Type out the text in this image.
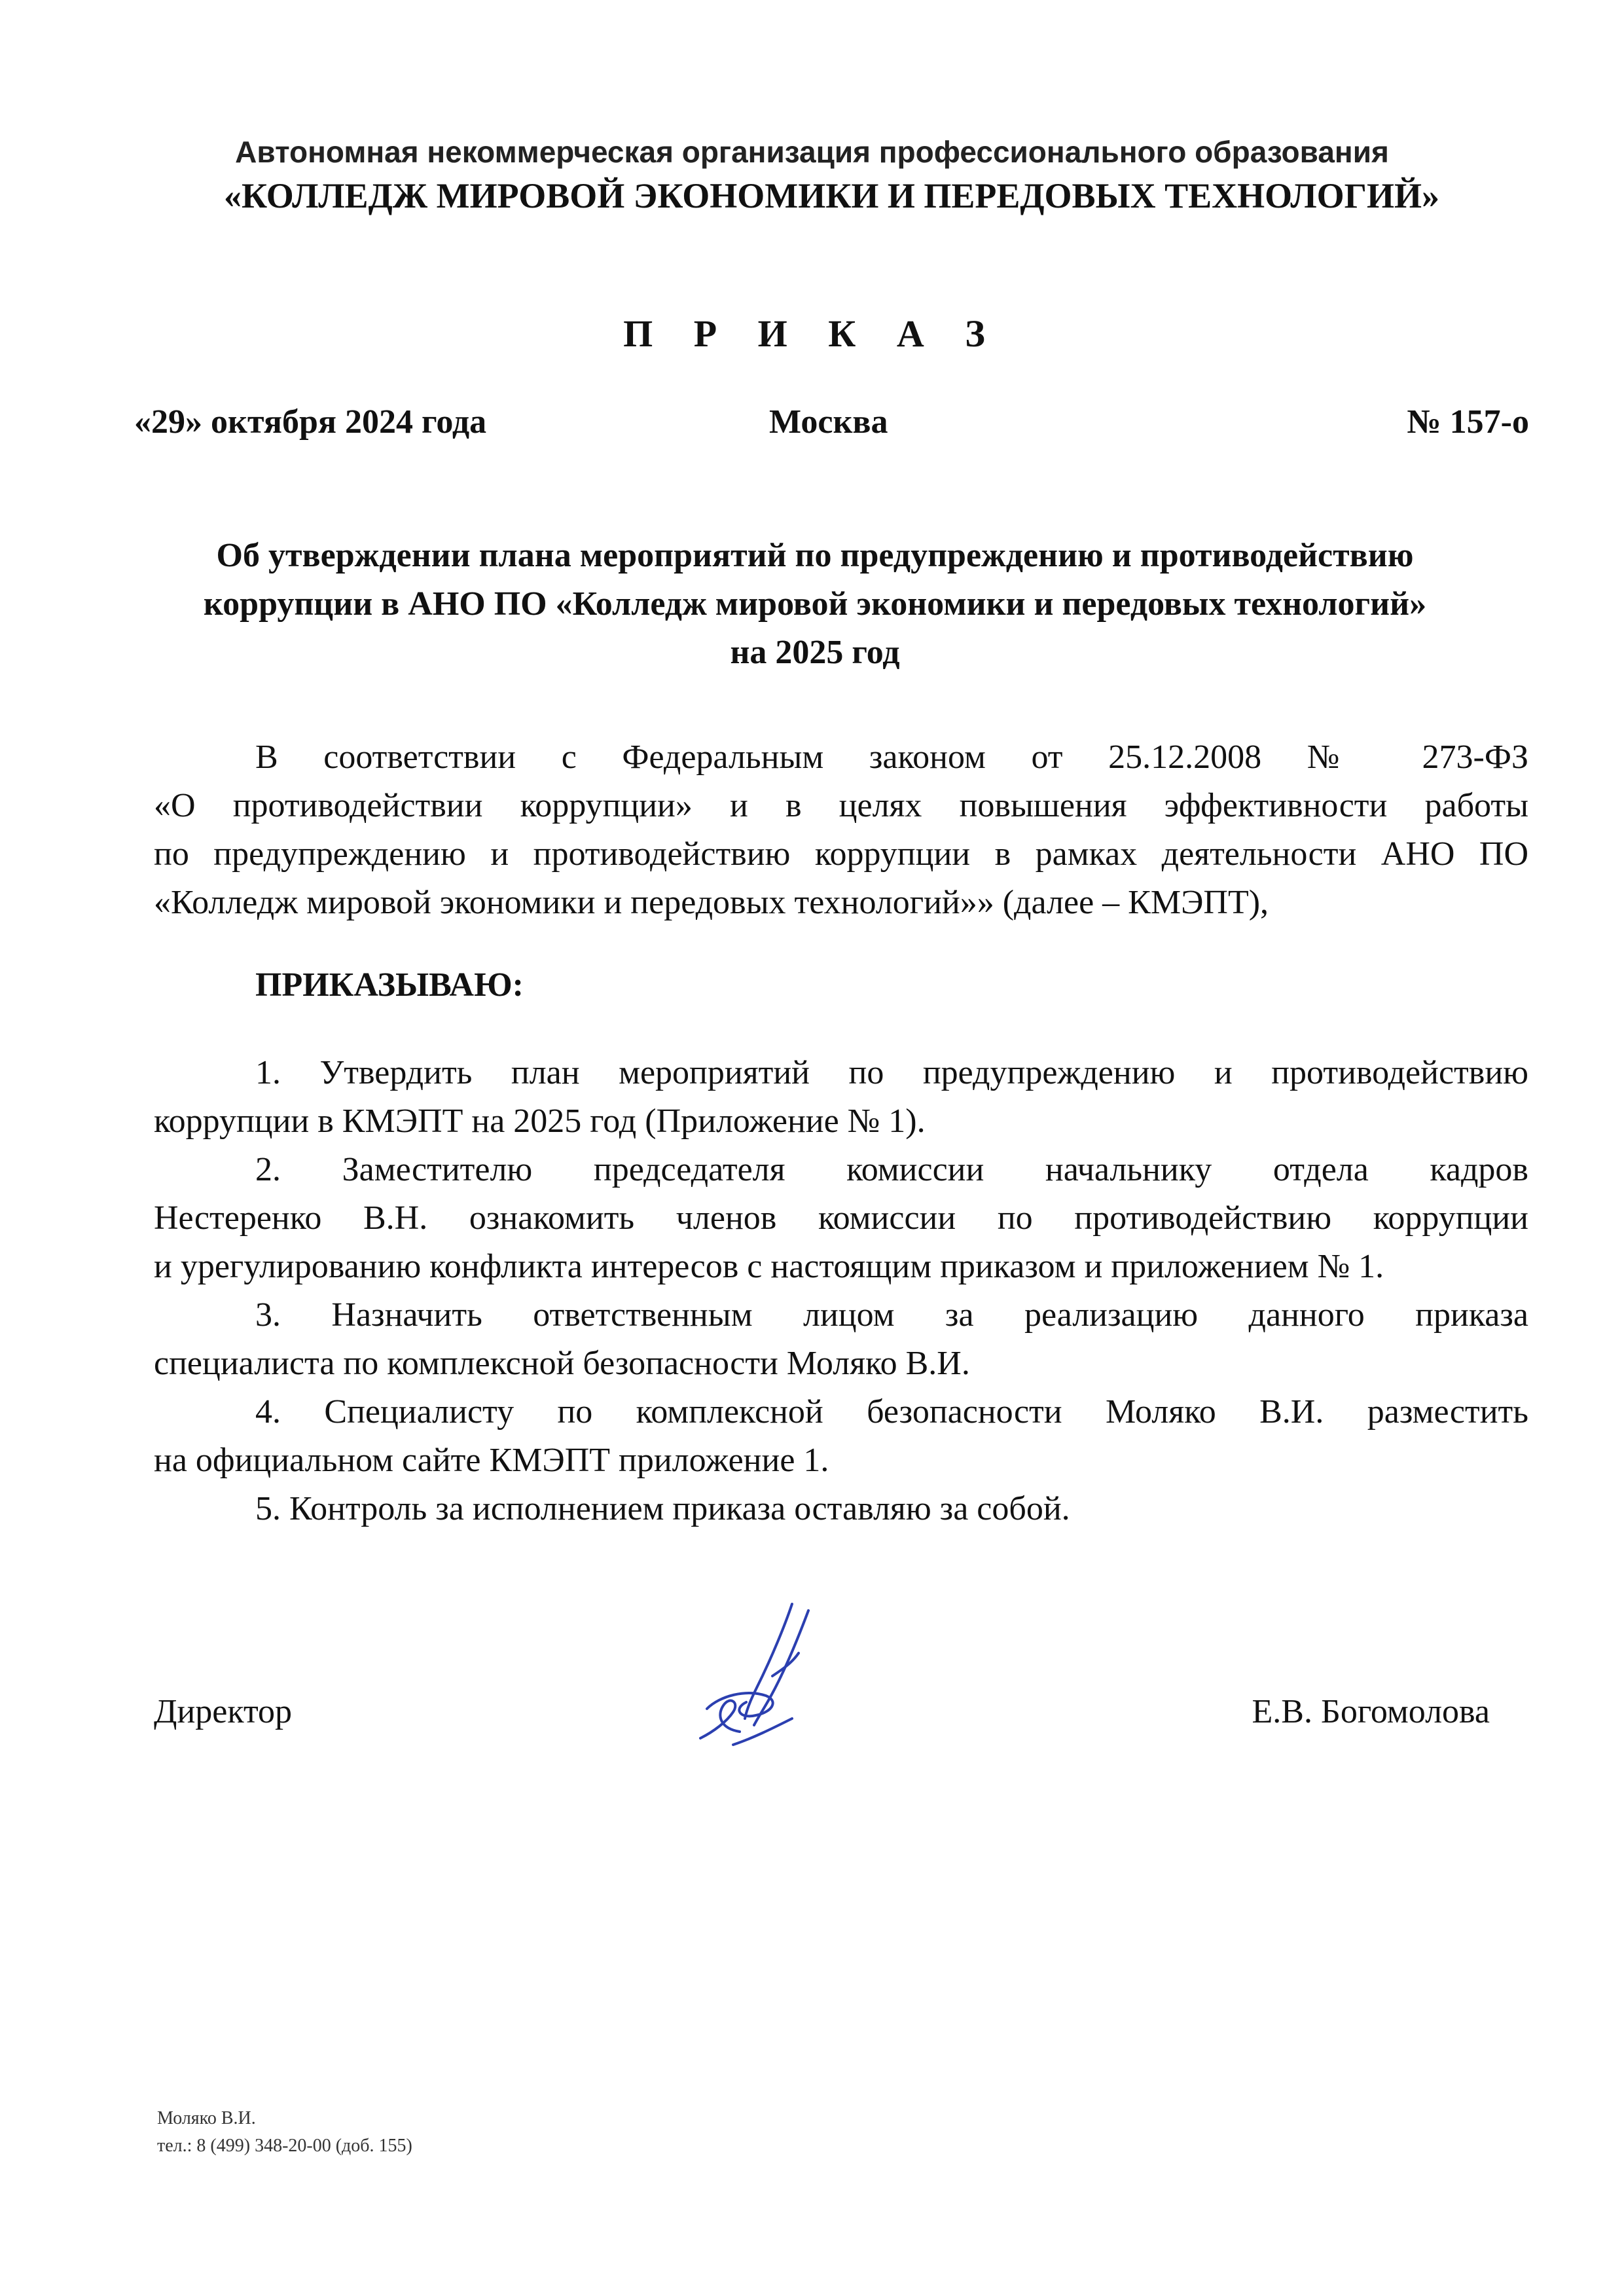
Автономная некоммерческая организация профессионального образования
«КОЛЛЕДЖ МИРОВОЙ ЭКОНОМИКИ И ПЕРЕДОВЫХ ТЕХНОЛОГИЙ»
П Р И К А З
«29» октября 2024 года	Москва	№ 157-о
Об утверждении плана мероприятий по предупреждению и противодействию
коррупции в АНО ПО «Колледж мировой экономики и передовых технологий»
на 2025 год
В соответствии с Федеральным законом от 25.12.2008 № 273-ФЗ
«О противодействии коррупции» и в целях повышения эффективности работы
по предупреждению и противодействию коррупции в рамках деятельности АНО ПО
«Колледж мировой экономики и передовых технологий»» (далее – КМЭПТ),
ПРИКАЗЫВАЮ:
1. Утвердить план мероприятий по предупреждению и противодействию
коррупции в КМЭПТ на 2025 год (Приложение № 1).
2. Заместителю председателя комиссии начальнику отдела кадров
Нестеренко В.Н. ознакомить членов комиссии по противодействию коррупции
и урегулированию конфликта интересов с настоящим приказом и приложением № 1.
3. Назначить ответственным лицом за реализацию данного приказа
специалиста по комплексной безопасности Моляко В.И.
4. Специалисту по комплексной безопасности Моляко В.И. разместить
на официальном сайте КМЭПТ приложение 1.
5. Контроль за исполнением приказа оставляю за собой.
Директор	Е.В. Богомолова
Моляко В.И.
тел.: 8 (499) 348-20-00 (доб. 155)
